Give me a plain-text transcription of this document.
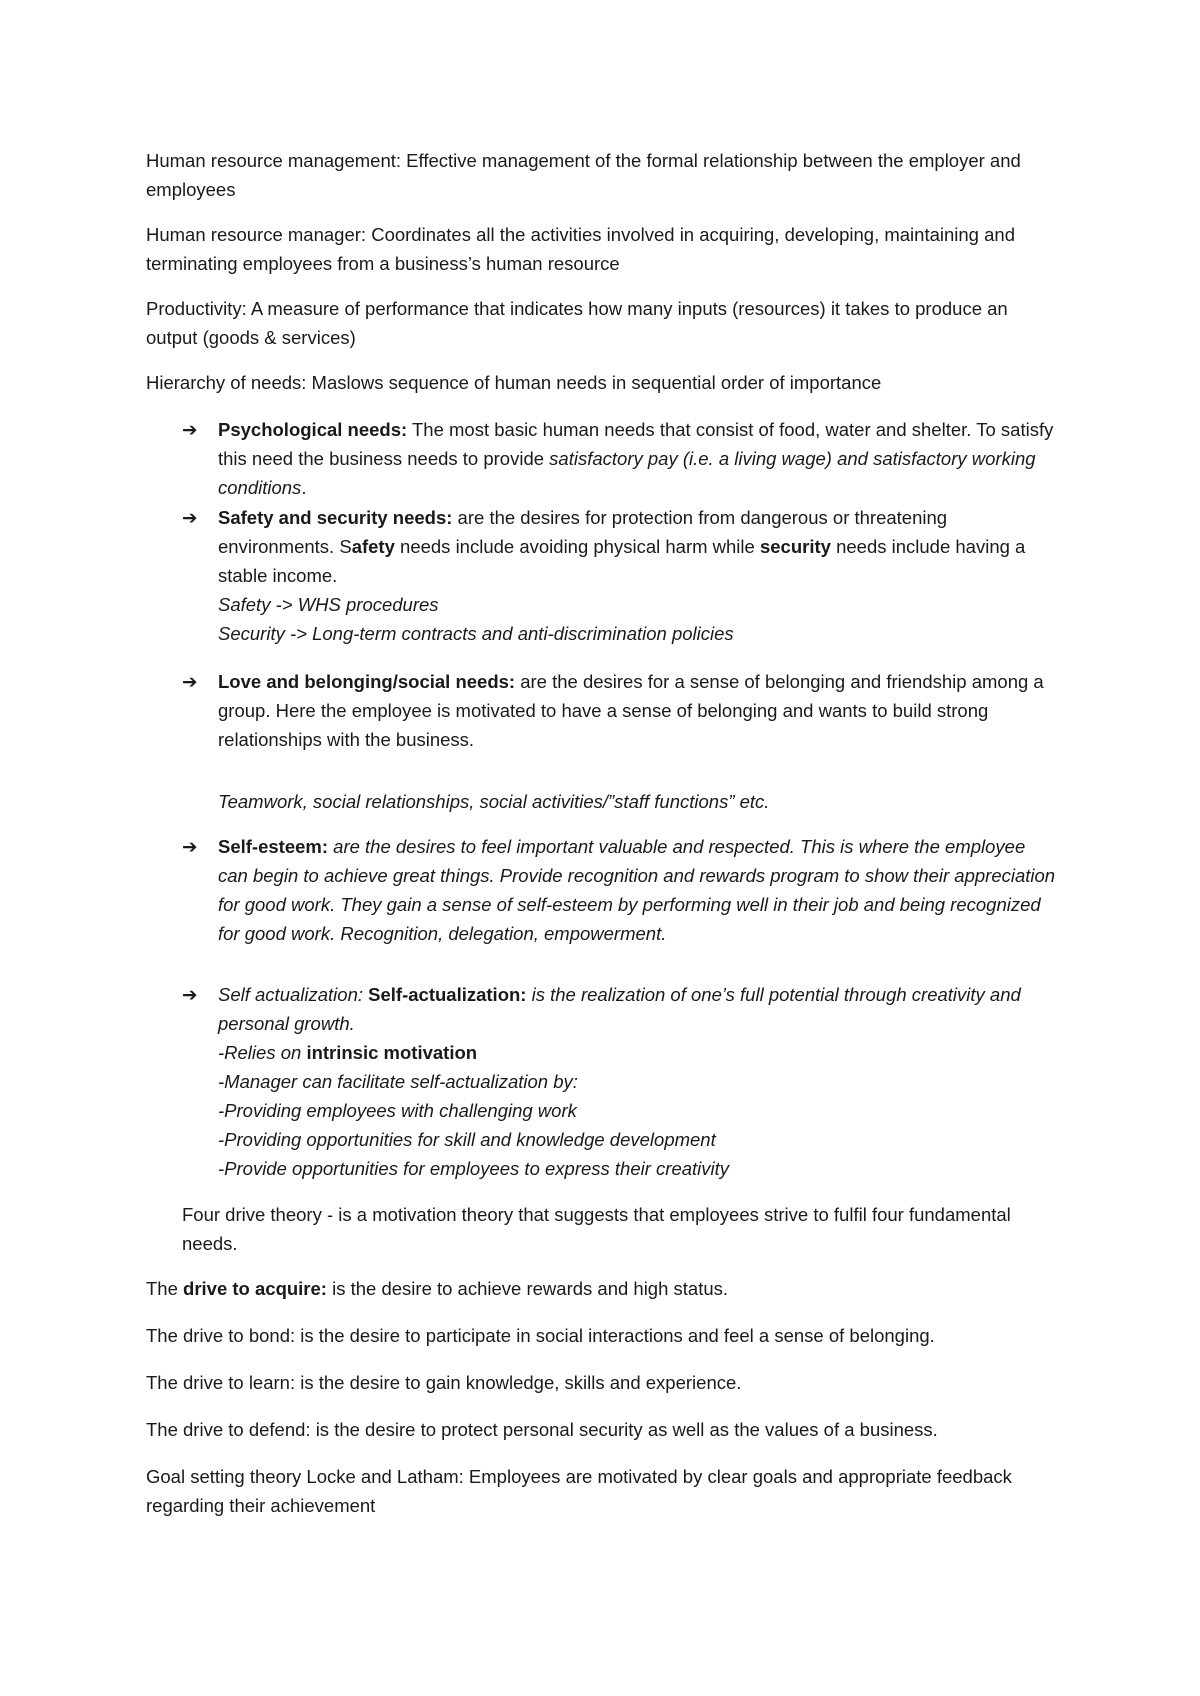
Human resource management: Effective management of the formal relationship between the employer and employees

Human resource manager: Coordinates all the activities involved in acquiring, developing, maintaining and terminating employees from a business’s human resource

Productivity: A measure of performance that indicates how many inputs (resources) it takes to produce an output (goods & services)

Hierarchy of needs: Maslows sequence of human needs in sequential order of importance

➔ Psychological needs: The most basic human needs that consist of food, water and shelter. To satisfy this need the business needs to provide satisfactory pay (i.e. a living wage) and satisfactory working conditions.
➔ Safety and security needs: are the desires for protection from dangerous or threatening environments. Safety needs include avoiding physical harm while security needs include having a stable income.
Safety -> WHS procedures
Security -> Long-term contracts and anti-discrimination policies
➔ Love and belonging/social needs: are the desires for a sense of belonging and friendship among a group. Here the employee is motivated to have a sense of belonging and wants to build strong relationships with the business.
Teamwork, social relationships, social activities/”staff functions” etc.
➔ Self-esteem: are the desires to feel important valuable and respected. This is where the employee can begin to achieve great things. Provide recognition and rewards program to show their appreciation for good work. They gain a sense of self-esteem by performing well in their job and being recognized for good work. Recognition, delegation, empowerment.
➔ Self actualization: Self-actualization: is the realization of one’s full potential through creativity and personal growth.
-Relies on intrinsic motivation
-Manager can facilitate self-actualization by:
-Providing employees with challenging work
-Providing opportunities for skill and knowledge development
-Provide opportunities for employees to express their creativity
Four drive theory - is a motivation theory that suggests that employees strive to fulfil four fundamental needs.

The drive to acquire: is the desire to achieve rewards and high status.

The drive to bond: is the desire to participate in social interactions and feel a sense of belonging.

The drive to learn: is the desire to gain knowledge, skills and experience.

The drive to defend: is the desire to protect personal security as well as the values of a business.

Goal setting theory Locke and Latham: Employees are motivated by clear goals and appropriate feedback regarding their achievement
